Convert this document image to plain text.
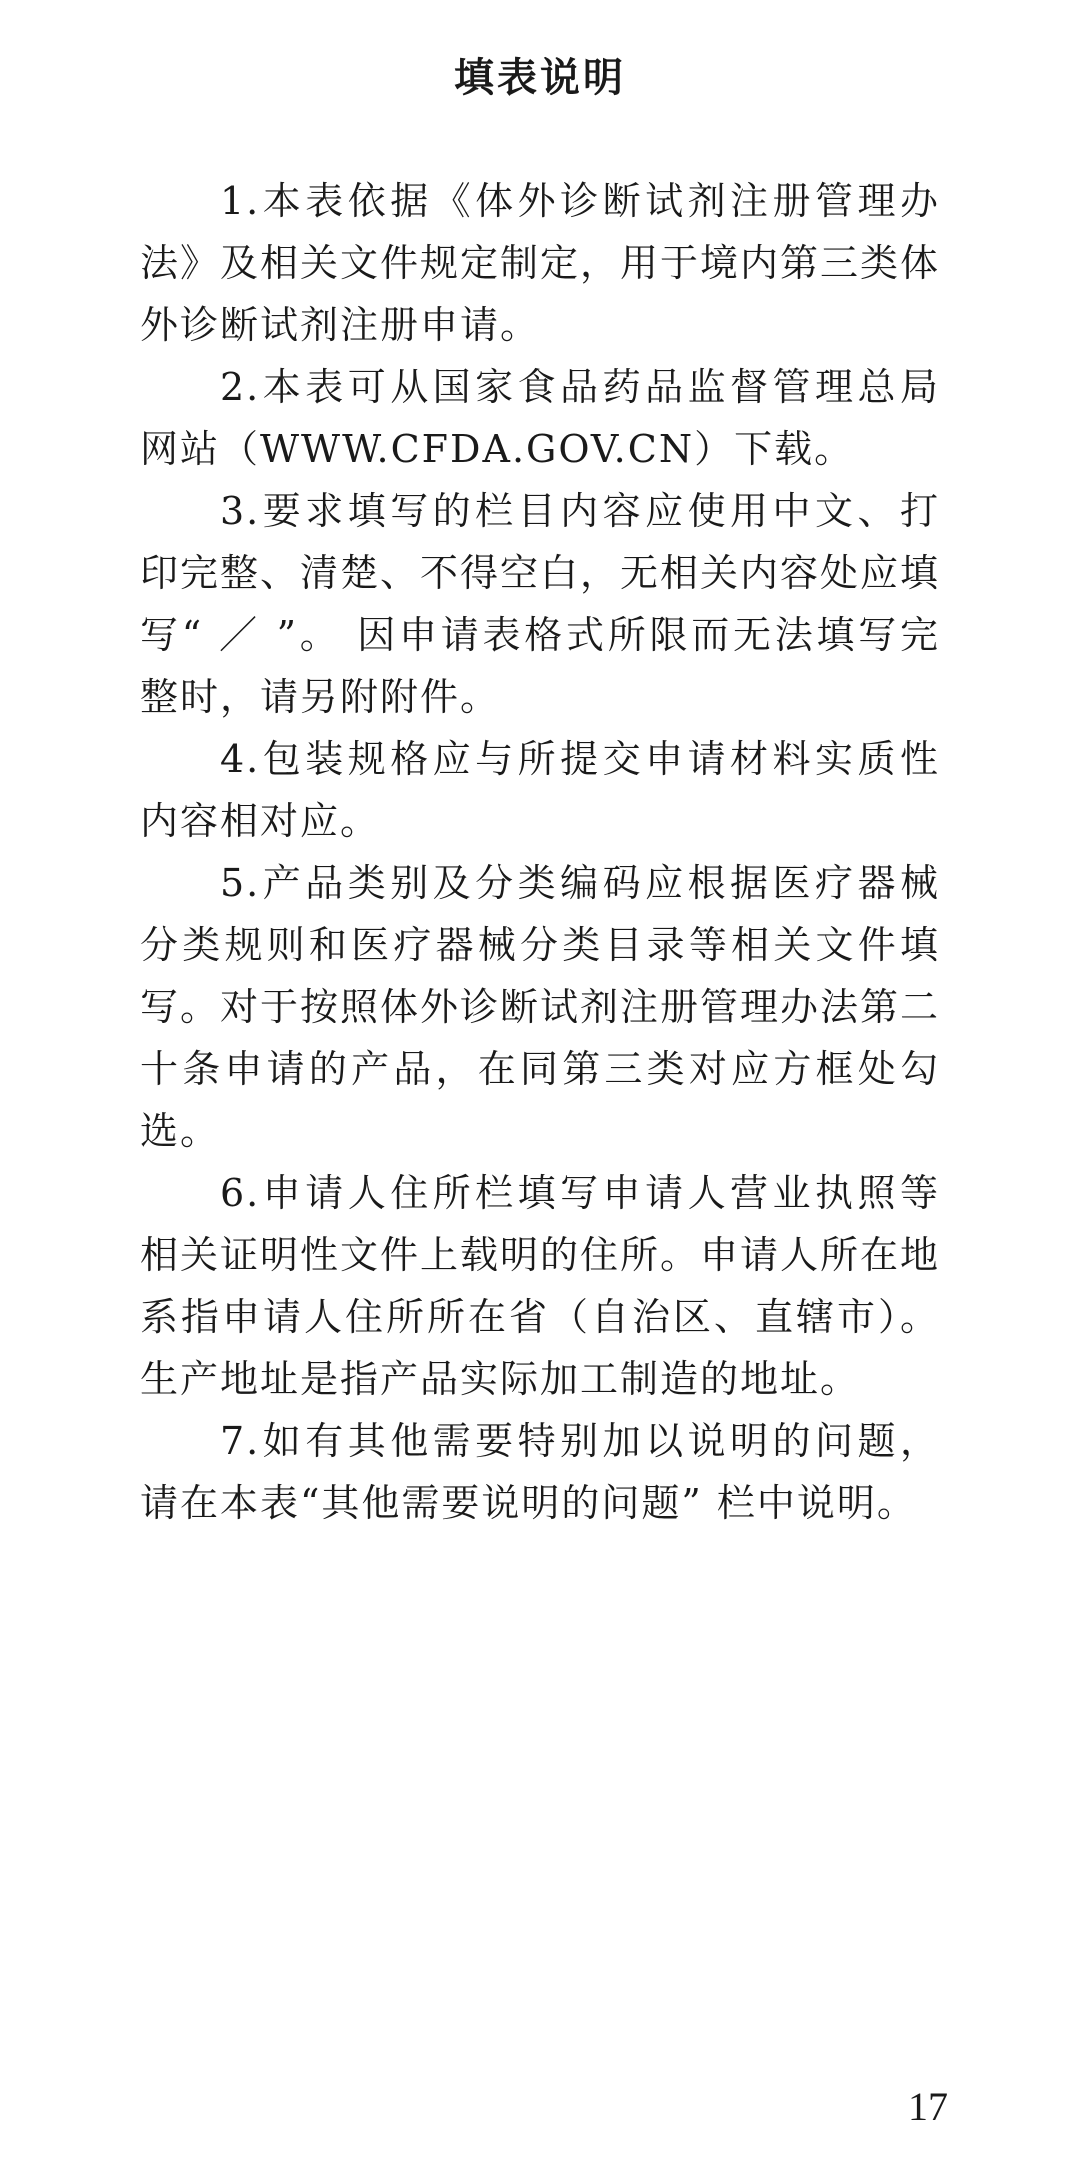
填表说明

1.本表依据《体外诊断试剂注册管理办法》及相关文件规定制定，用于境内第三类体外诊断试剂注册申请。

2.本表可从国家食品药品监督管理总局网站（WWW.CFDA.GOV.CN）下载。

3.要求填写的栏目内容应使用中文、打印完整、清楚、不得空白，无相关内容处应填写“ ／ ”。 因申请表格式所限而无法填写完整时，请另附附件。

4.包装规格应与所提交申请材料实质性内容相对应。

5.产品类别及分类编码应根据医疗器械分类规则和医疗器械分类目录等相关文件填写。对于按照体外诊断试剂注册管理办法第二十条申请的产品，在同第三类对应方框处勾选。

6.申请人住所栏填写申请人营业执照等相关证明性文件上载明的住所。申请人所在地系指申请人住所所在省（自治区、直辖市）。生产地址是指产品实际加工制造的地址。

7.如有其他需要特别加以说明的问题，请在本表“其他需要说明的问题” 栏中说明。

17
